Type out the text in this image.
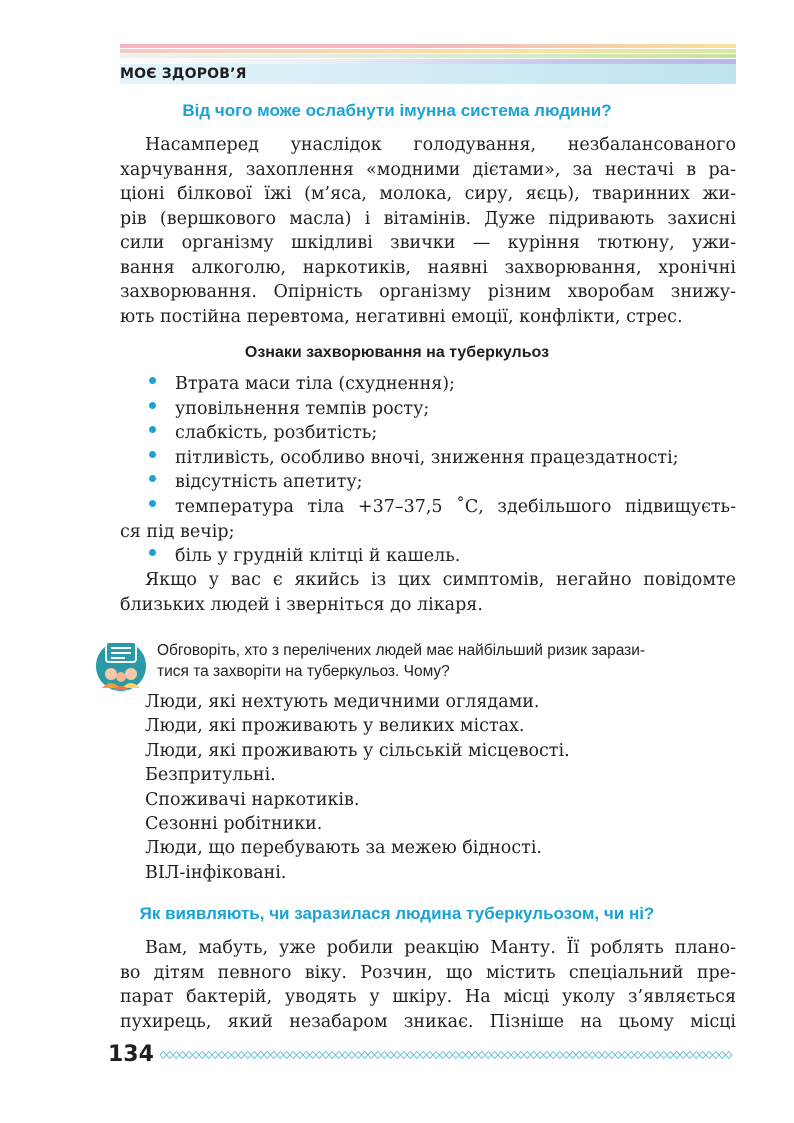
МОЄ ЗДОРОВ’Я
Від чого може ослабнути імунна система людини?
Насамперед унаслідок голодування, незбалансованого
харчування, захоплення «модними дієтами», за нестачі в ра-
ціоні білкової їжі (м’яса, молока, сиру, яєць), тваринних жи-
рів (вершкового масла) і вітамінів. Дуже підривають захисні
сили організму шкідливі звички — куріння тютюну, ужи-
вання алкоголю, наркотиків, наявні захворювання, хронічні
захворювання. Опірність організму різним хворобам знижу-
ють постійна перевтома, негативні емоції, конфлікти, стрес.
Ознаки захворювання на туберкульоз
Втрата маси тіла (схуднення);
уповільнення темпів росту;
слабкість, розбитість;
пітливість, особливо вночі, зниження працездатності;
відсутність апетиту;
температура тіла +37–37,5 ˚С, здебільшого підвищуєть-
ся під вечір;
біль у грудній клітці й кашель.
Якщо у вас є якийсь із цих симптомів, негайно повідомте
близьких людей і зверніться до лікаря.
Обговоріть, хто з перелічених людей має найбільший ризик зарази-
тися та захворіти на туберкульоз. Чому?
Люди, які нехтують медичними оглядами.
Люди, які проживають у великих містах.
Люди, які проживають у сільській місцевості.
Безпритульні.
Споживачі наркотиків.
Сезонні робітники.
Люди, що перебувають за межею бідності.
ВІЛ-інфіковані.
Як виявляють, чи заразилася людина туберкульозом, чи ні?
Вам, мабуть, уже робили реакцію Манту. Її роблять плано-
во дітям певного віку. Розчин, що містить спеціальний пре-
парат бактерій, уводять у шкіру. На місці уколу з’являється
пухирець, який незабаром зникає. Пізніше на цьому місці
134
